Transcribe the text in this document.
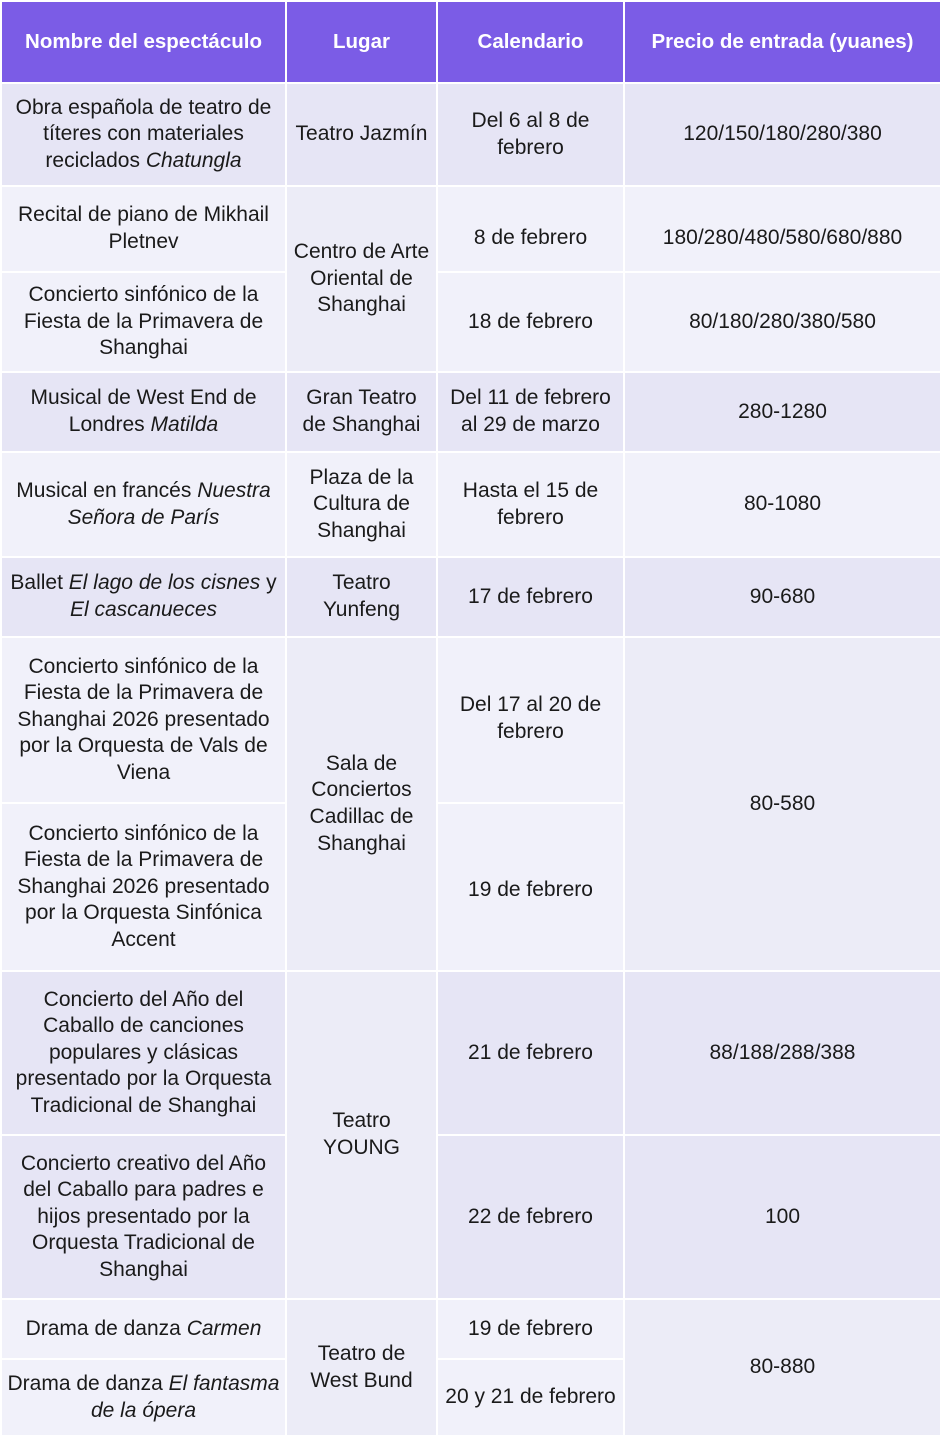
Nombre del espectáculo	Lugar	Calendario	Precio de entrada (yuanes)
Obra española de teatro de títeres con materiales reciclados Chatungla	Teatro Jazmín	Del 6 al 8 de febrero	120/150/180/280/380
Recital de piano de Mikhail Pletnev	Centro de Arte Oriental de Shanghai	8 de febrero	180/280/480/580/680/880
Concierto sinfónico de la Fiesta de la Primavera de Shanghai		18 de febrero	80/180/280/380/580
Musical de West End de Londres Matilda	Gran Teatro de Shanghai	Del 11 de febrero al 29 de marzo	280-1280
Musical en francés Nuestra Señora de París	Plaza de la Cultura de Shanghai	Hasta el 15 de febrero	80-1080
Ballet El lago de los cisnes y El cascanueces	Teatro Yunfeng	17 de febrero	90-680
Concierto sinfónico de la Fiesta de la Primavera de Shanghai 2026 presentado por la Orquesta de Vals de Viena	Sala de Conciertos Cadillac de Shanghai	Del 17 al 20 de febrero	80-580
Concierto sinfónico de la Fiesta de la Primavera de Shanghai 2026 presentado por la Orquesta Sinfónica Accent		19 de febrero	
Concierto del Año del Caballo de canciones populares y clásicas presentado por la Orquesta Tradicional de Shanghai	Teatro YOUNG	21 de febrero	88/188/288/388
Concierto creativo del Año del Caballo para padres e hijos presentado por la Orquesta Tradicional de Shanghai		22 de febrero	100
Drama de danza Carmen	Teatro de West Bund	19 de febrero	80-880
Drama de danza El fantasma de la ópera		20 y 21 de febrero	
